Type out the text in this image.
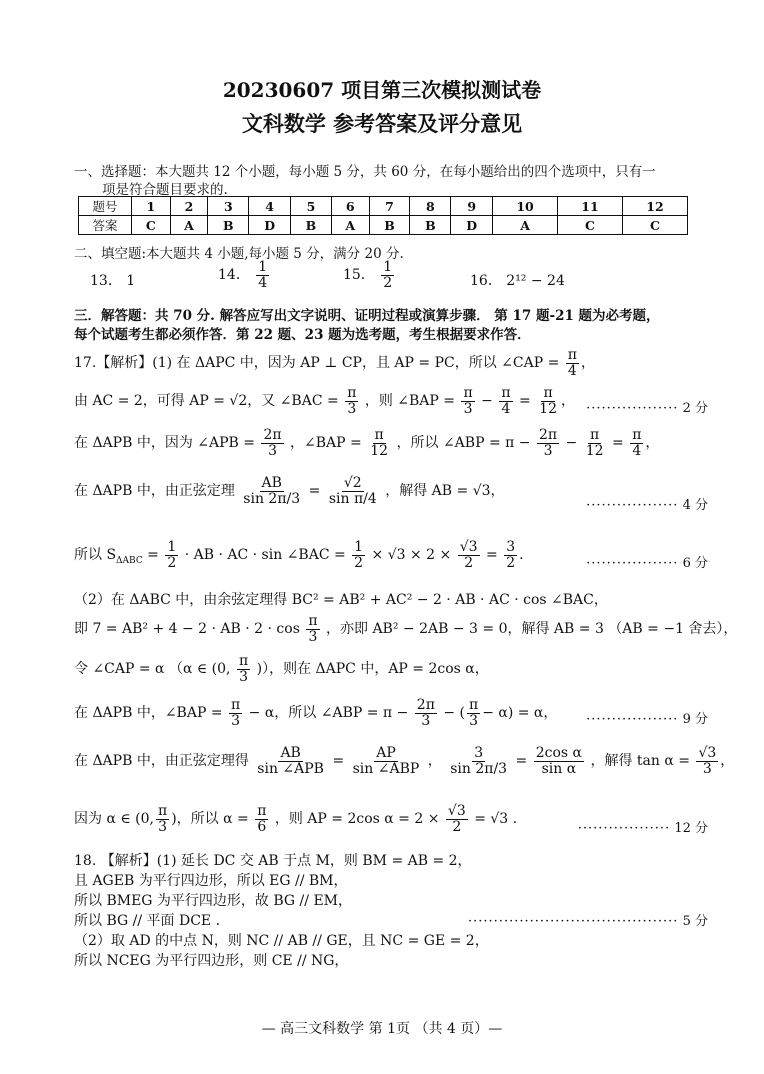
20230607 项目第三次模拟测试卷
文科数学 参考答案及评分意见
一、选择题：本大题共 12 个小题，每小题 5 分，共 60 分，在每小题给出的四个选项中，只有一
项是符合题目要求的.
题号	1	2	3	4	5	6	7	8	9	10	11	12
答案	C	A	B	D	B	A	B	B	D	A	C	C
二、填空题:本大题共 4 小题,每小题 5 分，满分 20 分.
13． 1	14． $\frac{1}{4}$	15． $\frac{1}{2}$	16． 2¹² − 24
三．解答题：共 70 分. 解答应写出文字说明、证明过程或演算步骤． 第 17 题-21 题为必考题，
每个试题考生都必须作答．第 22 题、23 题为选考题，考生根据要求作答．
17.【解析】(1) 在 ΔAPC 中，因为 AP ⊥ CP，且 AP = PC，所以 ∠CAP = $\frac{\pi}{4}$ ，
由 AC = 2，可得 AP = √2，又 ∠BAC = $\frac{\pi}{3}$ ，则 ∠BAP = $\frac{\pi}{3} - \frac{\pi}{4} = \frac{\pi}{12}$ ， ·················· 2 分
在 ΔAPB 中，因为 ∠APB = $\frac{2\pi}{3}$ ，∠BAP = $\frac{\pi}{12}$ ，所以 ∠ABP = $\pi - \frac{2\pi}{3} - \frac{\pi}{12} = \frac{\pi}{4}$ ，
在 ΔAPB 中，由正弦定理 $\frac{AB}{\sin 2\pi/3} = \frac{√2}{\text{sin π/4}}$ ，解得 AB = √3，
·················· 4 分
所以 $S_{\Delta ABC} = \frac{1}{2}$ · AB · AC · sin ∠BAC = $\frac{1}{2} \times √3 \times 2 \times \frac{√3}{2} = \frac{3}{2}$ .
·················· 6 分
（2）在 ΔABC 中，由余弦定理得 BC² = AB² + AC² − 2 · AB · AC · cos ∠BAC，
即 7 = AB² + 4 − 2 · AB · $2 \cdot \cos \frac{\pi}{3}$ ，亦即 AB² − 2AB − 3 = 0，解得 AB = 3 （AB = −1 舍去），
令 ∠CAP = α （α ∈ (0, $\frac{\pi}{3}$ )），则在 ΔAPC 中，AP = 2cos α，
在 ΔAPB 中，∠BAP = $\frac{\pi}{3} - \alpha$，所以 ∠ABP = $\pi - \frac{2\pi}{3}$ − ( $\frac{\pi}{3} - \alpha) = \alpha$， ·················· 9 分
在 ΔAPB 中，由正弦定理得 $\frac{AB}{\text{sin ∠APB}} = \frac{AP}{\text{sin ∠ABP}}$ ， $\frac{3}{\sin 2\pi/3} = \frac{\text{2cos α}}{\text{sin α}}$ ，解得 $\tan \alpha = \frac{√3}{3}$ ，
因为 α ∈ (0, $\frac{\pi}{3}$ )，所以 $\alpha = \frac{\pi}{6}$ ，则 AP = 2cos $\alpha = 2 \times \frac{√3}{2} = √3$ .
·················· 12 分
18. 【解析】(1) 延长 DC 交 AB 于点 M，则 BM = AB = 2，
且 AGEB 为平行四边形，所以 EG // BM，
所以 BMEG 为平行四边形，故 BG // EM，
所以 BG // 平面 DCE .	········································· 5 分
（2）取 AD 的中点 N，则 NC // AB // GE，且 NC = GE = 2，
所以 NCEG 为平行四边形，则 CE // NG，
— 高三文科数学 第 1页 （共 4 页）—
